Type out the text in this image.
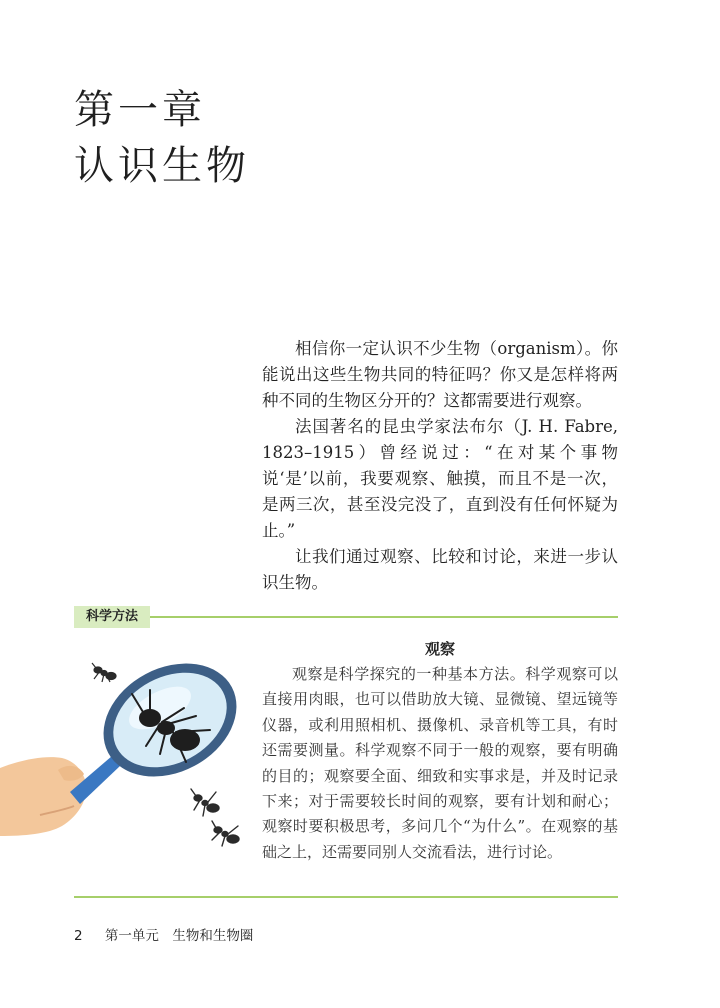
第一章
认识生物

相信你一定认识不少生物（organism）。你能说出这些生物共同的特征吗？你又是怎样将两种不同的生物区分开的？这都需要进行观察。

法国著名的昆虫学家法布尔（J. H. Fabre, 1823–1915）曾经说过：“在对某个事物说‘是’以前，我要观察、触摸，而且不是一次，是两三次，甚至没完没了，直到没有任何怀疑为止。”

让我们通过观察、比较和讨论，来进一步认识生物。

科学方法
观察

观察是科学探究的一种基本方法。科学观察可以直接用肉眼，也可以借助放大镜、显微镜、望远镜等仪器，或利用照相机、摄像机、录音机等工具，有时还需要测量。科学观察不同于一般的观察，要有明确的目的；观察要全面、细致和实事求是，并及时记录下来；对于需要较长时间的观察，要有计划和耐心；观察时要积极思考，多问几个“为什么”。在观察的基础之上，还需要同别人交流看法，进行讨论。

2 第一单元　生物和生物圈
